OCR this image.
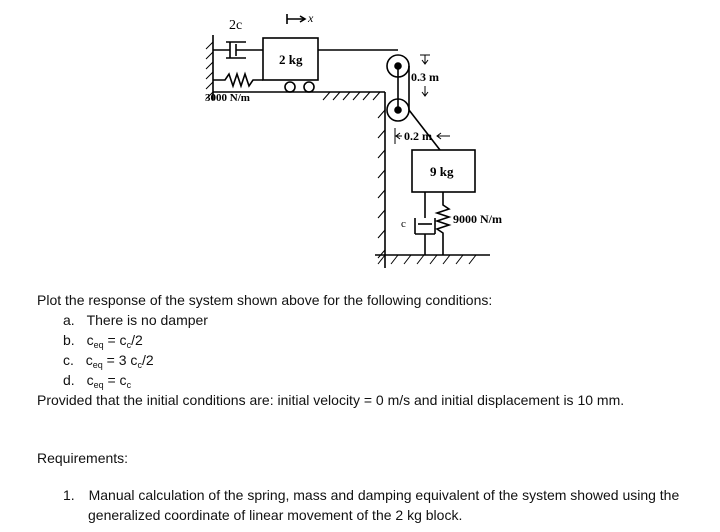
2c	x
2 kg
3000 N/m
0.3 m
0.2 m
9 kg
c	9000 N/m
Plot the response of the system shown above for the following conditions:
a. There is no damper
b. $c_{eq} = c_c/2$
c. $c_{eq} = 3$ $c_c/2$
d. $c_{eq} = c_c$
Provided that the initial conditions are: initial velocity = 0 m/s and initial displacement is 10 mm.
Requirements:
1. Manual calculation of the spring, mass and damping equivalent of the system showed using the
generalized coordinate of linear movement of the 2 kg block.
